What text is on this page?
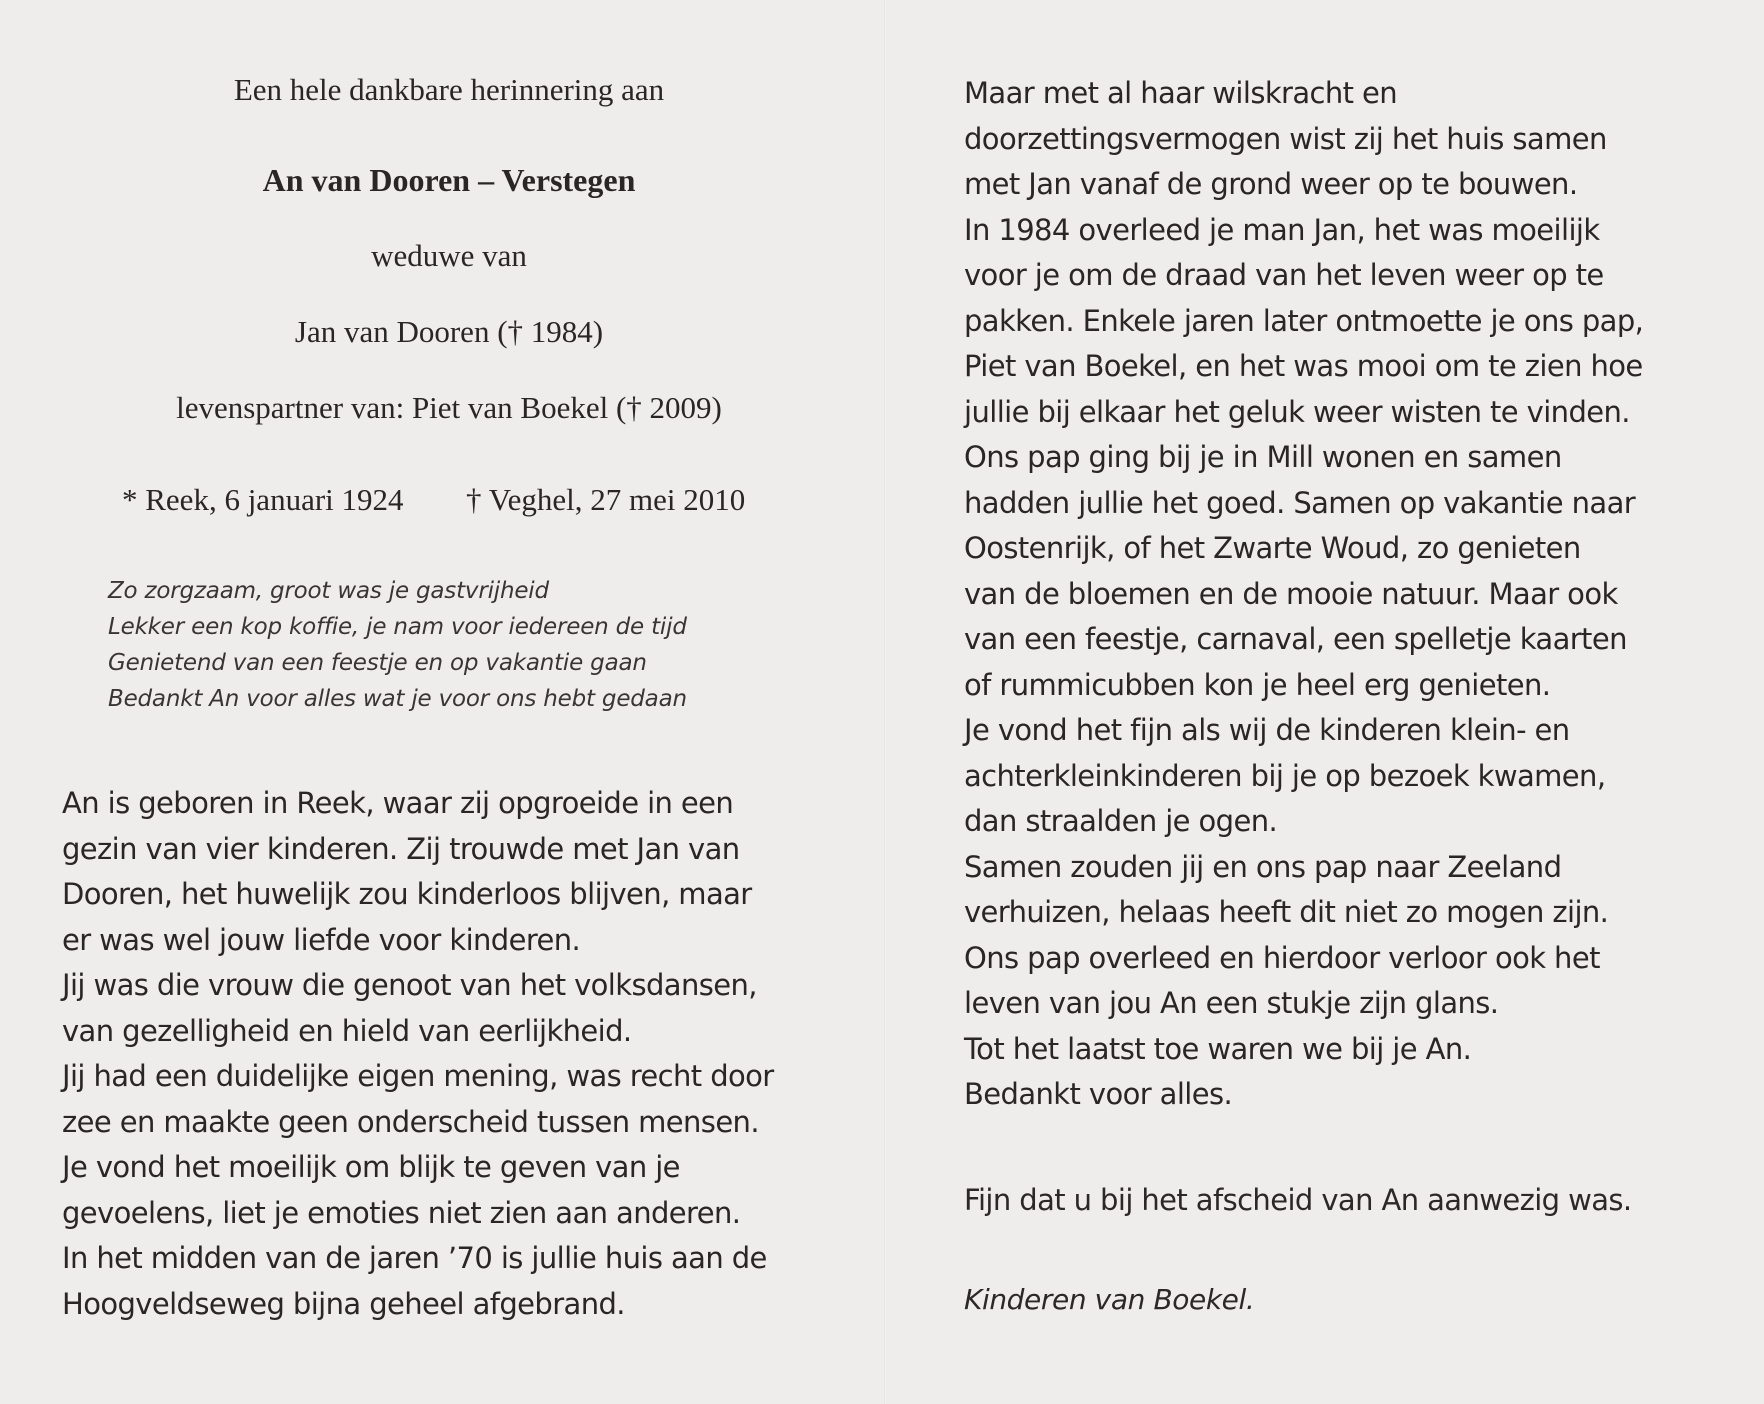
Een hele dankbare herinnering aan
An van Dooren – Verstegen
weduwe van
Jan van Dooren († 1984)
levenspartner van: Piet van Boekel († 2009)
* Reek, 6 januari 1924 † Veghel, 27 mei 2010
Zo zorgzaam, groot was je gastvrijheid
Lekker een kop koffie, je nam voor iedereen de tijd
Genietend van een feestje en op vakantie gaan
Bedankt An voor alles wat je voor ons hebt gedaan
An is geboren in Reek, waar zij opgroeide in een
gezin van vier kinderen. Zij trouwde met Jan van
Dooren, het huwelijk zou kinderloos blijven, maar
er was wel jouw liefde voor kinderen.
Jij was die vrouw die genoot van het volksdansen,
van gezelligheid en hield van eerlijkheid.
Jij had een duidelijke eigen mening, was recht door
zee en maakte geen onderscheid tussen mensen.
Je vond het moeilijk om blijk te geven van je
gevoelens, liet je emoties niet zien aan anderen.
In het midden van de jaren ’70 is jullie huis aan de
Hoogveldseweg bijna geheel afgebrand.
Maar met al haar wilskracht en
doorzettingsvermogen wist zij het huis samen
met Jan vanaf de grond weer op te bouwen.
In 1984 overleed je man Jan, het was moeilijk
voor je om de draad van het leven weer op te
pakken. Enkele jaren later ontmoette je ons pap,
Piet van Boekel, en het was mooi om te zien hoe
jullie bij elkaar het geluk weer wisten te vinden.
Ons pap ging bij je in Mill wonen en samen
hadden jullie het goed. Samen op vakantie naar
Oostenrijk, of het Zwarte Woud, zo genieten
van de bloemen en de mooie natuur. Maar ook
van een feestje, carnaval, een spelletje kaarten
of rummicubben kon je heel erg genieten.
Je vond het fijn als wij de kinderen klein- en
achterkleinkinderen bij je op bezoek kwamen,
dan straalden je ogen.
Samen zouden jij en ons pap naar Zeeland
verhuizen, helaas heeft dit niet zo mogen zijn.
Ons pap overleed en hierdoor verloor ook het
leven van jou An een stukje zijn glans.
Tot het laatst toe waren we bij je An.
Bedankt voor alles.
Fijn dat u bij het afscheid van An aanwezig was.
Kinderen van Boekel.
